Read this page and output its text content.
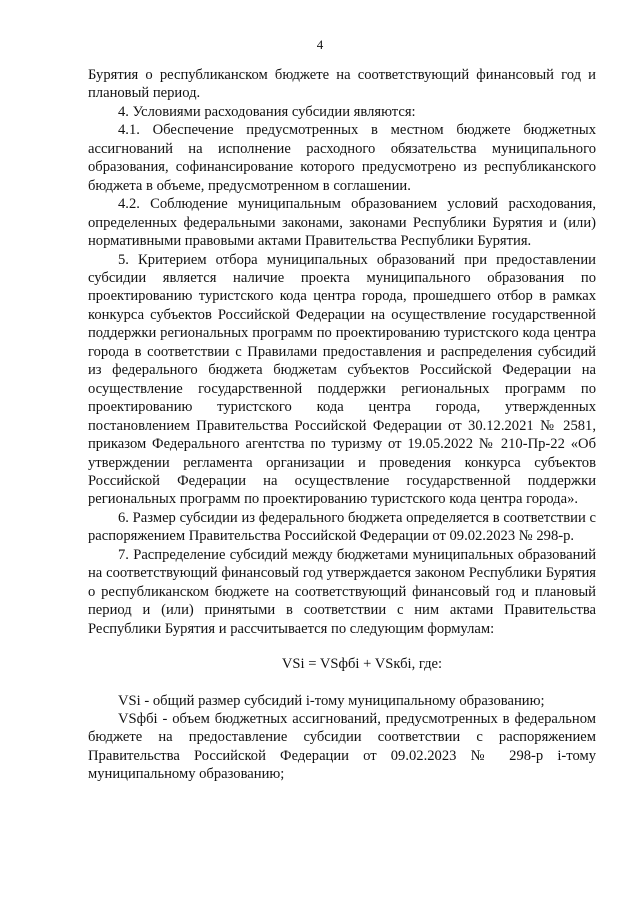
4

Бурятия о республиканском бюджете на соответствующий финансовый год и плановый период.

4. Условиями расходования субсидии являются:

4.1. Обеспечение предусмотренных в местном бюджете бюджетных ассигнований на исполнение расходного обязательства муниципального образования, софинансирование которого предусмотрено из республиканского бюджета в объеме, предусмотренном в соглашении.

4.2. Соблюдение муниципальным образованием условий расходования, определенных федеральными законами, законами Республики Бурятия и (или) нормативными правовыми актами Правительства Республики Бурятия.

5. Критерием отбора муниципальных образований при предоставлении субсидии является наличие проекта муниципального образования по проектированию туристского кода центра города, прошедшего отбор в рамках конкурса субъектов Российской Федерации на осуществление государственной поддержки региональных программ по проектированию туристского кода центра города в соответствии с Правилами предоставления и распределения субсидий из федерального бюджета бюджетам субъектов Российской Федерации на осуществление государственной поддержки региональных программ по проектированию туристского кода центра города, утвержденных постановлением Правительства Российской Федерации от 30.12.2021 № 2581, приказом Федерального агентства по туризму от 19.05.2022 № 210-Пр-22 «Об утверждении регламента организации и проведения конкурса субъектов Российской Федерации на осуществление государственной поддержки региональных программ по проектированию туристского кода центра города».

6. Размер субсидии из федерального бюджета определяется в соответствии с распоряжением Правительства Российской Федерации от 09.02.2023 № 298-р.

7. Распределение субсидий между бюджетами муниципальных образований на соответствующий финансовый год утверждается законом Республики Бурятия о республиканском бюджете на соответствующий финансовый год и плановый период и (или) принятыми в соответствии с ним актами Правительства Республики Бурятия и рассчитывается по следующим формулам:

VSi = VSфбi + VSкбi, где:

VSi - общий размер субсидий i-тому муниципальному образованию;

VSфбi - объем бюджетных ассигнований, предусмотренных в федеральном бюджете на предоставление субсидии соответствии с распоряжением Правительства Российской Федерации от 09.02.2023 № 298-р i-тому муниципальному образованию;
